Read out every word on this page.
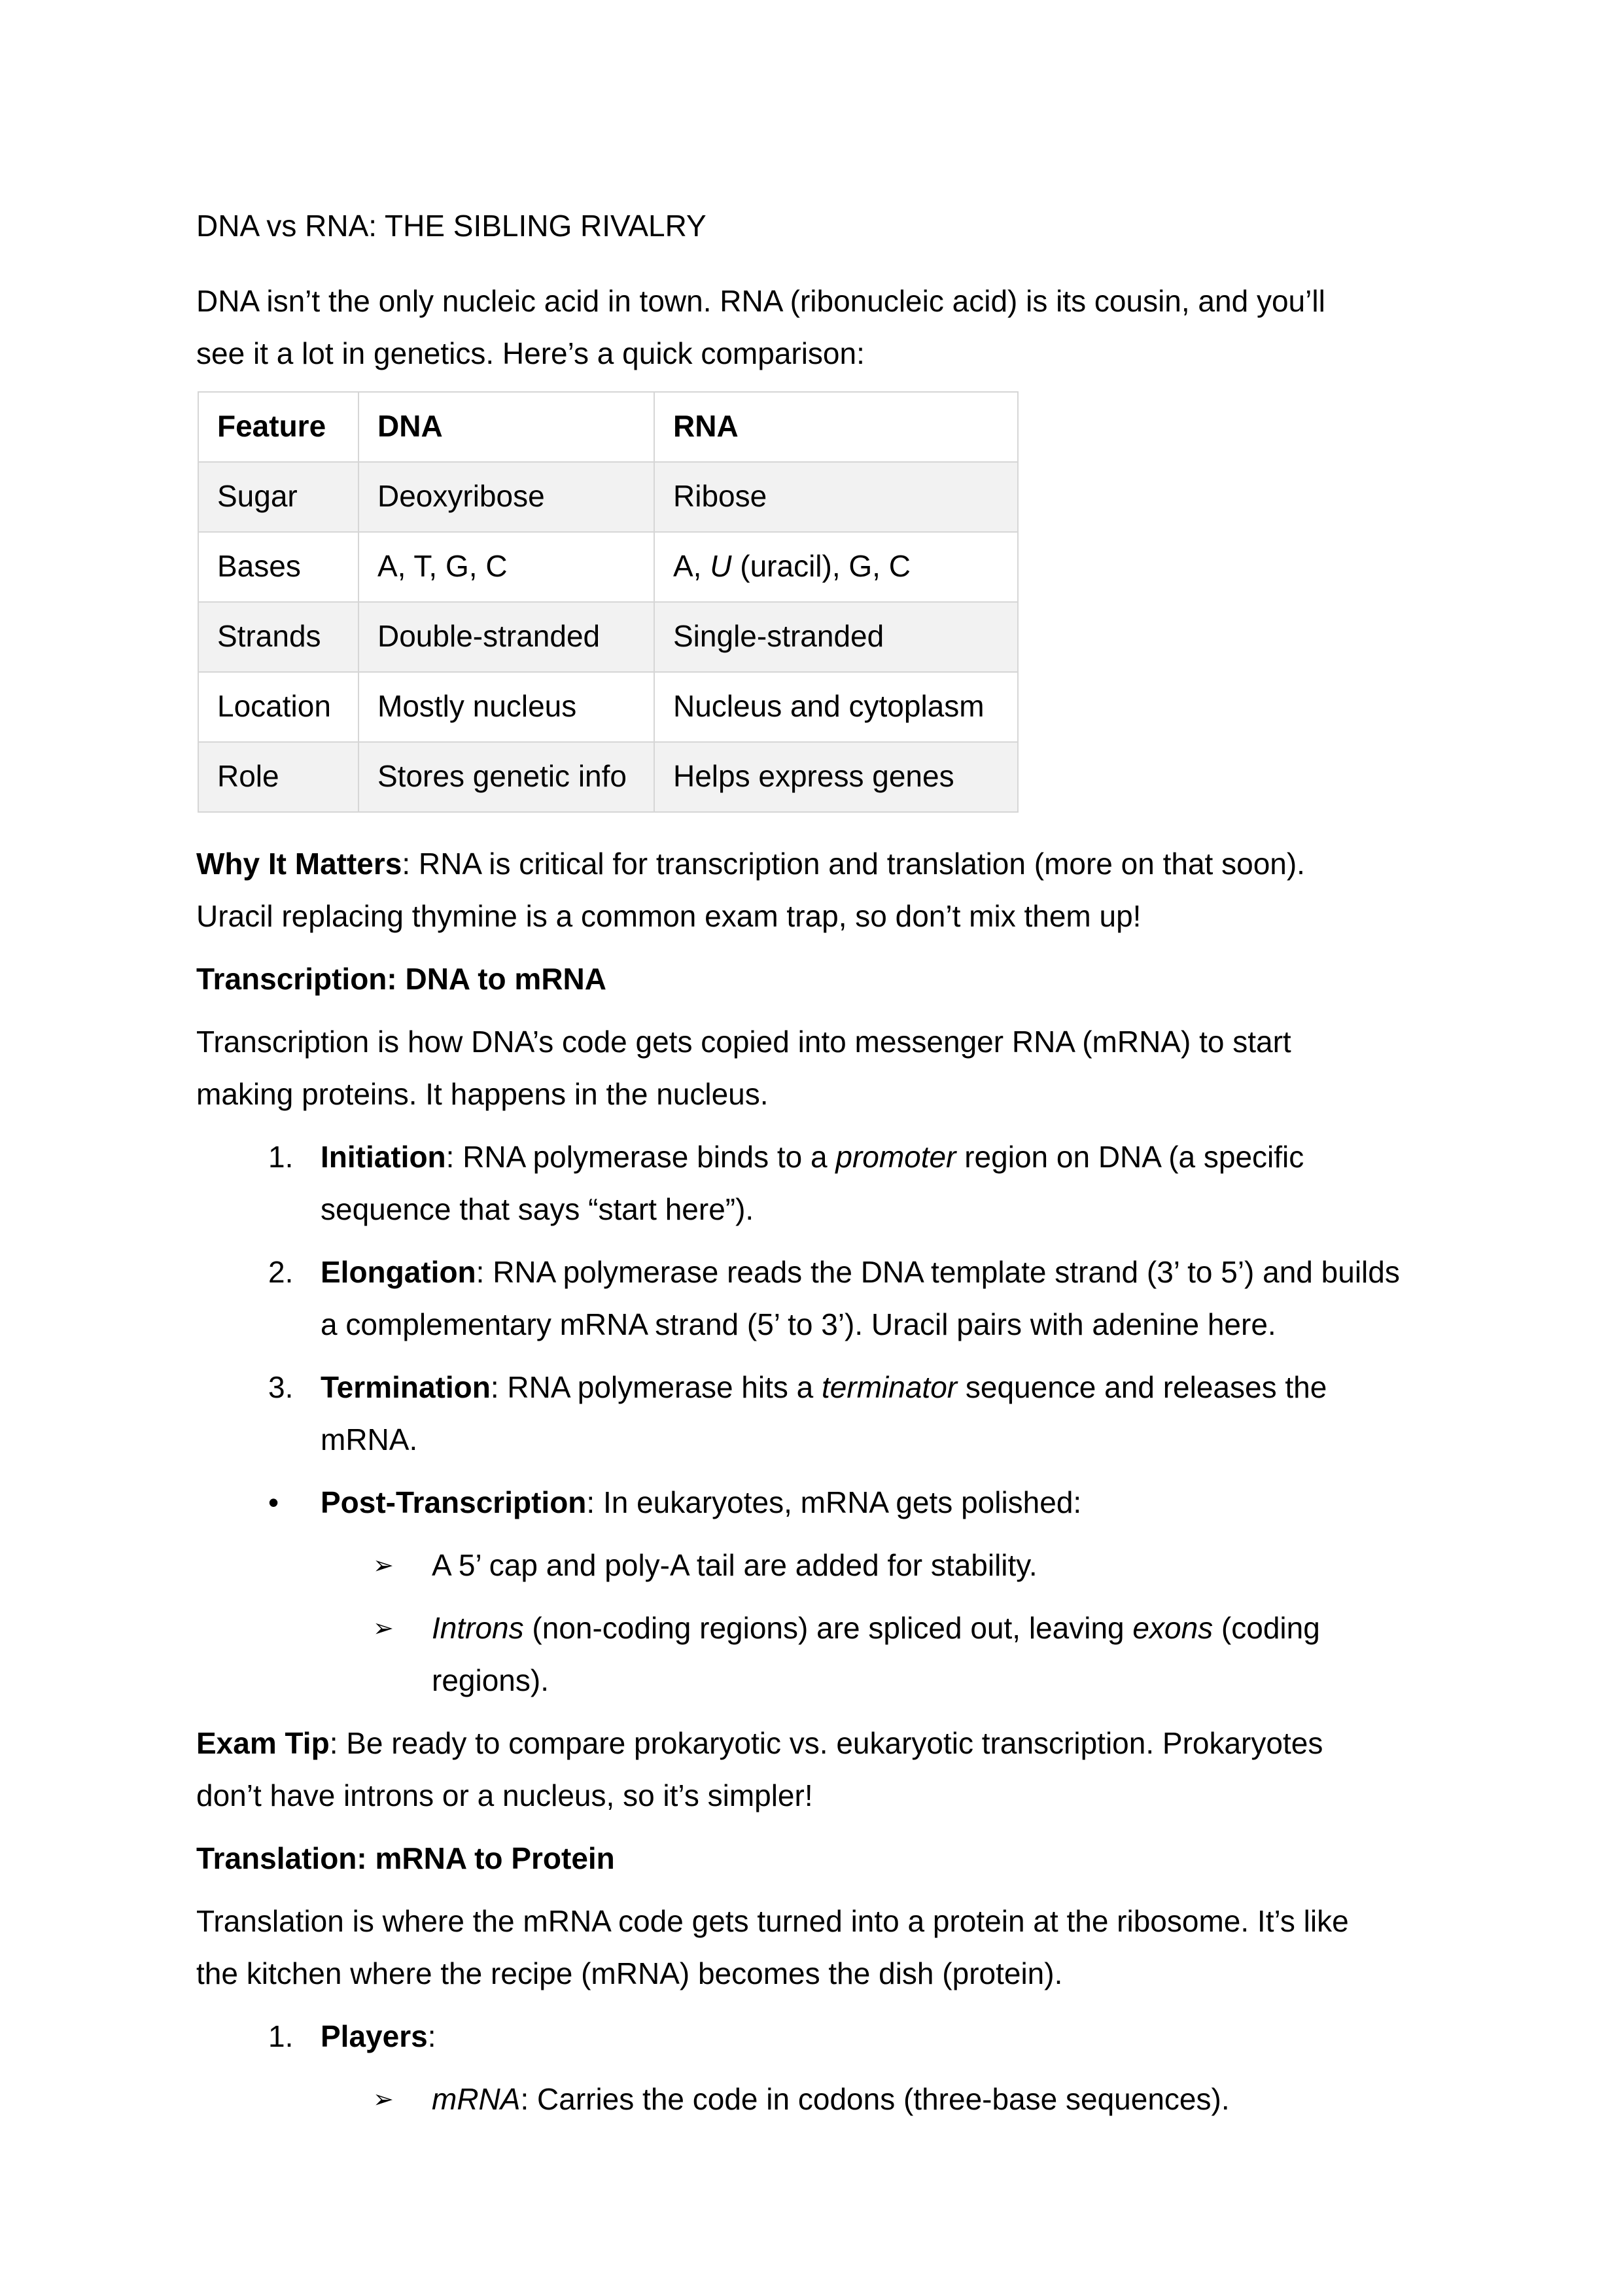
DNA vs RNA: THE SIBLING RIVALRY
DNA isn’t the only nucleic acid in town. RNA (ribonucleic acid) is its cousin, and you’ll
see it a lot in genetics. Here’s a quick comparison:
Feature	DNA	RNA
Sugar	Deoxyribose	Ribose
Bases	A, T, G, C	A, U (uracil), G, C
Strands	Double-stranded	Single-stranded
Location	Mostly nucleus	Nucleus and cytoplasm
Role	Stores genetic info	Helps express genes
Why It Matters: RNA is critical for transcription and translation (more on that soon).
Uracil replacing thymine is a common exam trap, so don’t mix them up!
Transcription: DNA to mRNA
Transcription is how DNA’s code gets copied into messenger RNA (mRNA) to start
making proteins. It happens in the nucleus.
1. Initiation: RNA polymerase binds to a promoter region on DNA (a specific
sequence that says “start here”).
2. Elongation: RNA polymerase reads the DNA template strand (3’ to 5’) and builds
a complementary mRNA strand (5’ to 3’). Uracil pairs with adenine here.
3. Termination: RNA polymerase hits a terminator sequence and releases the
mRNA.
•	Post-Transcription: In eukaryotes, mRNA gets polished:
➢	A 5’ cap and poly-A tail are added for stability.
➢	Introns (non-coding regions) are spliced out, leaving exons (coding
regions).
Exam Tip: Be ready to compare prokaryotic vs. eukaryotic transcription. Prokaryotes
don’t have introns or a nucleus, so it’s simpler!
Translation: mRNA to Protein
Translation is where the mRNA code gets turned into a protein at the ribosome. It’s like
the kitchen where the recipe (mRNA) becomes the dish (protein).
1. Players:
➢	mRNA: Carries the code in codons (three-base sequences).
